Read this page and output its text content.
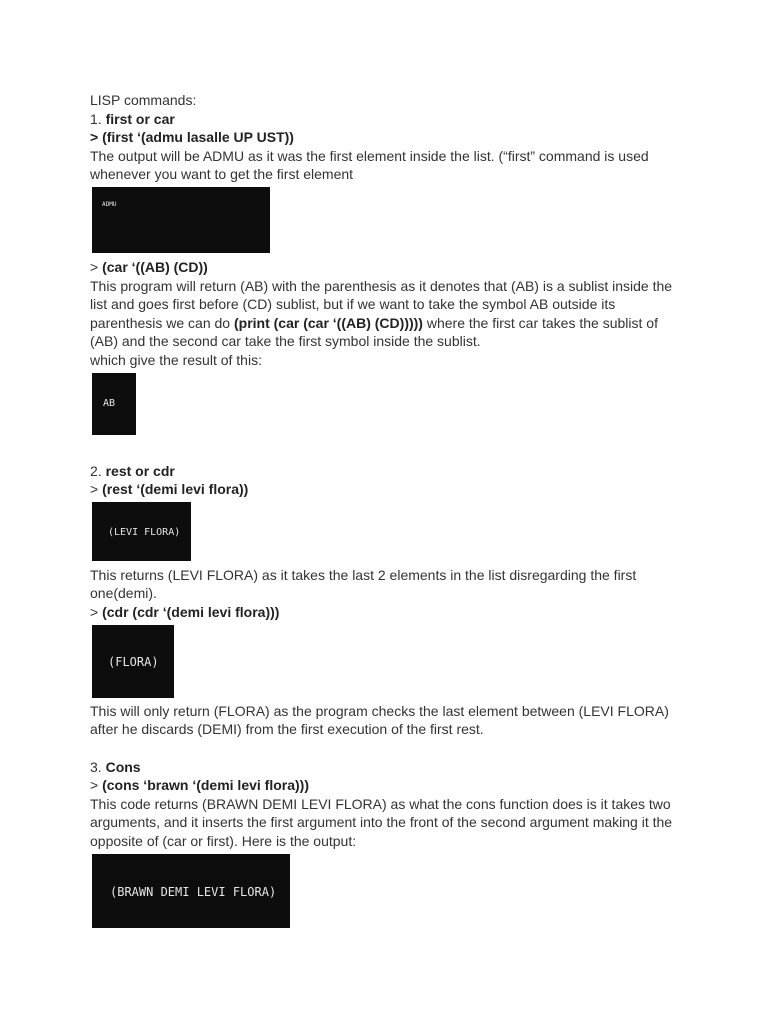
LISP commands:
1. first or car
> (first ‘(admu lasalle UP UST))
The output will be ADMU as it was the first element inside the list. (“first” command is used whenever you want to get the first element
ADMU
> (car ‘((AB) (CD))
This program will return (AB) with the parenthesis as it denotes that (AB) is a sublist inside the list and goes first before (CD) sublist, but if we want to take the symbol AB outside its parenthesis we can do (print (car (car ‘((AB) (CD))))) where the first car takes the sublist of (AB) and the second car take the first symbol inside the sublist.
which give the result of this:
AB
2. rest or cdr
> (rest ‘(demi levi flora))
(LEVI FLORA)
This returns (LEVI FLORA) as it takes the last 2 elements in the list disregarding the first one(demi).
> (cdr (cdr ‘(demi levi flora)))
(FLORA)
This will only return (FLORA) as the program checks the last element between (LEVI FLORA) after he discards (DEMI) from the first execution of the first rest.
3. Cons
> (cons ‘brawn ‘(demi levi flora)))
This code returns (BRAWN DEMI LEVI FLORA) as what the cons function does is it takes two arguments, and it inserts the first argument into the front of the second argument making it the opposite of (car or first). Here is the output:
(BRAWN DEMI LEVI FLORA)
